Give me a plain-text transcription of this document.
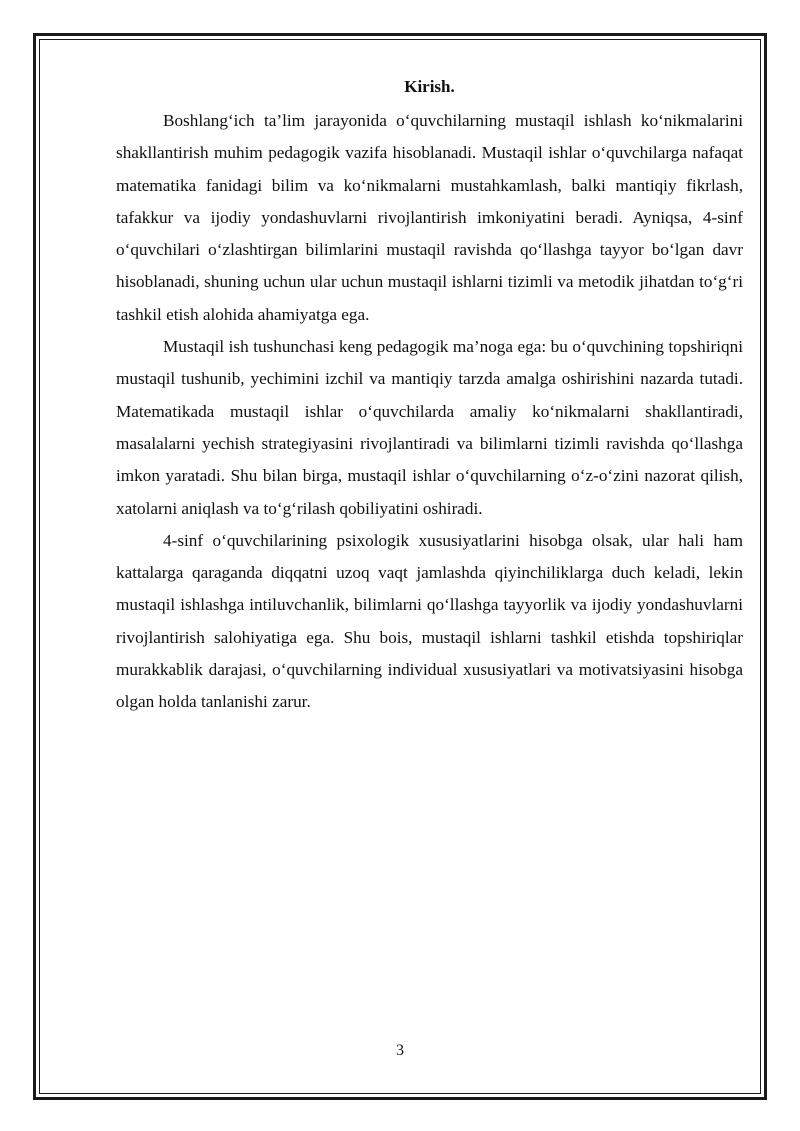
Kirish.

Boshlang‘ich ta’lim jarayonida o‘quvchilarning mustaqil ishlash ko‘nikmalarini shakllantirish muhim pedagogik vazifa hisoblanadi. Mustaqil ishlar o‘quvchilarga nafaqat matematika fanidagi bilim va ko‘nikmalarni mustahkamlash, balki mantiqiy fikrlash, tafakkur va ijodiy yondashuvlarni rivojlantirish imkoniyatini beradi. Ayniqsa, 4-sinf o‘quvchilari o‘zlashtirgan bilimlarini mustaqil ravishda qo‘llashga tayyor bo‘lgan davr hisoblanadi, shuning uchun ular uchun mustaqil ishlarni tizimli va metodik jihatdan to‘g‘ri tashkil etish alohida ahamiyatga ega.

Mustaqil ish tushunchasi keng pedagogik ma’noga ega: bu o‘quvchining topshiriqni mustaqil tushunib, yechimini izchil va mantiqiy tarzda amalga oshirishini nazarda tutadi. Matematikada mustaqil ishlar o‘quvchilarda amaliy ko‘nikmalarni shakllantiradi, masalalarni yechish strategiyasini rivojlantiradi va bilimlarni tizimli ravishda qo‘llashga imkon yaratadi. Shu bilan birga, mustaqil ishlar o‘quvchilarning o‘z-o‘zini nazorat qilish, xatolarni aniqlash va to‘g‘rilash qobiliyatini oshiradi.

4-sinf o‘quvchilarining psixologik xususiyatlarini hisobga olsak, ular hali ham kattalarga qaraganda diqqatni uzoq vaqt jamlashda qiyinchiliklarga duch keladi, lekin mustaqil ishlashga intiluvchanlik, bilimlarni qo‘llashga tayyorlik va ijodiy yondashuvlarni rivojlantirish salohiyatiga ega. Shu bois, mustaqil ishlarni tashkil etishda topshiriqlar murakkablik darajasi, o‘quvchilarning individual xususiyatlari va motivatsiyasini hisobga olgan holda tanlanishi zarur.

3
